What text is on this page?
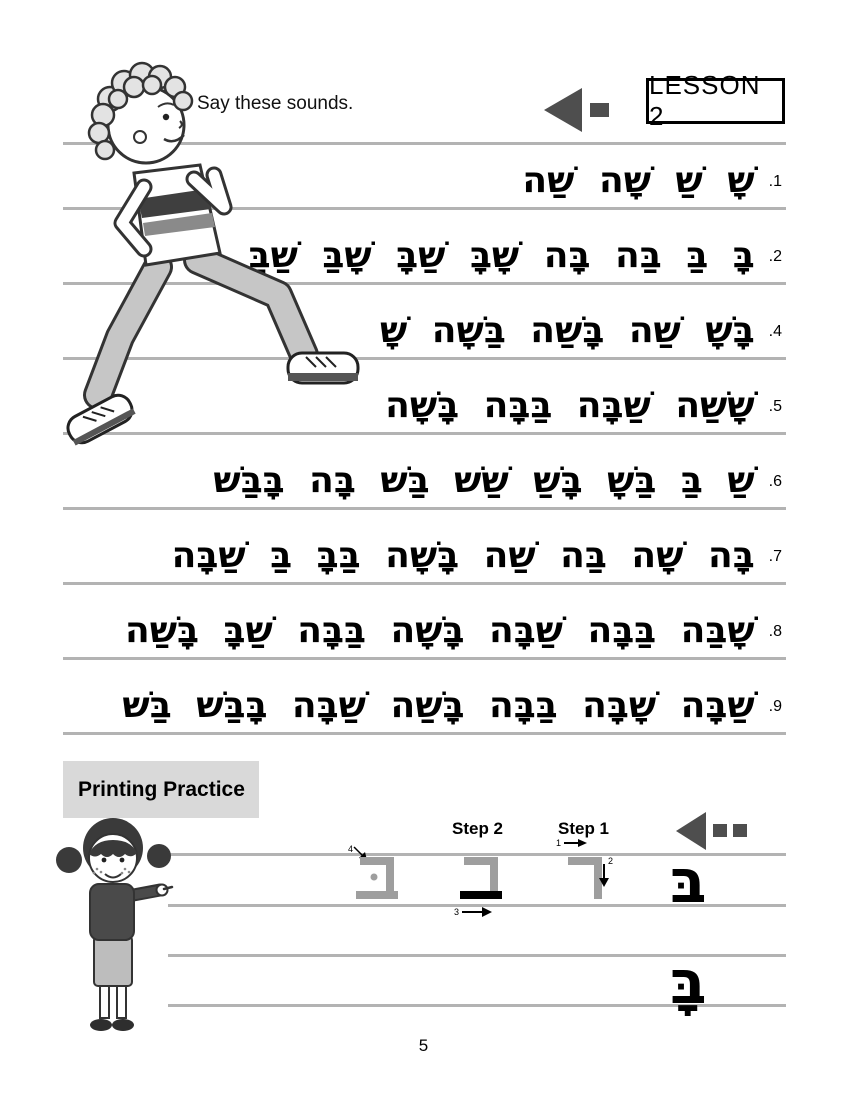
Say these sounds.
LESSON 2
שָׁ שַׁ שָׁה שַׁה .1
בָּ בַּ בַּה בָּה שָׁבָּ שַׁבָּ שָׁבַּ שַׁבַּ .2
בָּשָׁ שַׁה בָּשַׁה בַּשָׁה שָׁ .4
שָׁשַׁה שַׁבָּה בַּבָּה בָּשָׁה .5
שַׁ בַּ בַּשָׁ בָּשַׁ שַׁשׁ בַּשׁ בָּה בָּבַּשׁ .6
בָּה שָׁה בַּה שַׁה בָּשָׁה בַּבָּ בַּ שַׁבָּה .7
שָׁבַּה בַּבָּה שַׁבָּה בָּשָׁה בַּבָּה שַׁבָּ בָּשַׁה .8
שַׁבָּה שָׁבָּה בַּבָּה בָּשַׁה שַׁבָּה בָּבַּשׁ בַּשׁ .9
Printing Practice
Step 2	Step 1
4
3
1
2 בּ
בָּ
5
